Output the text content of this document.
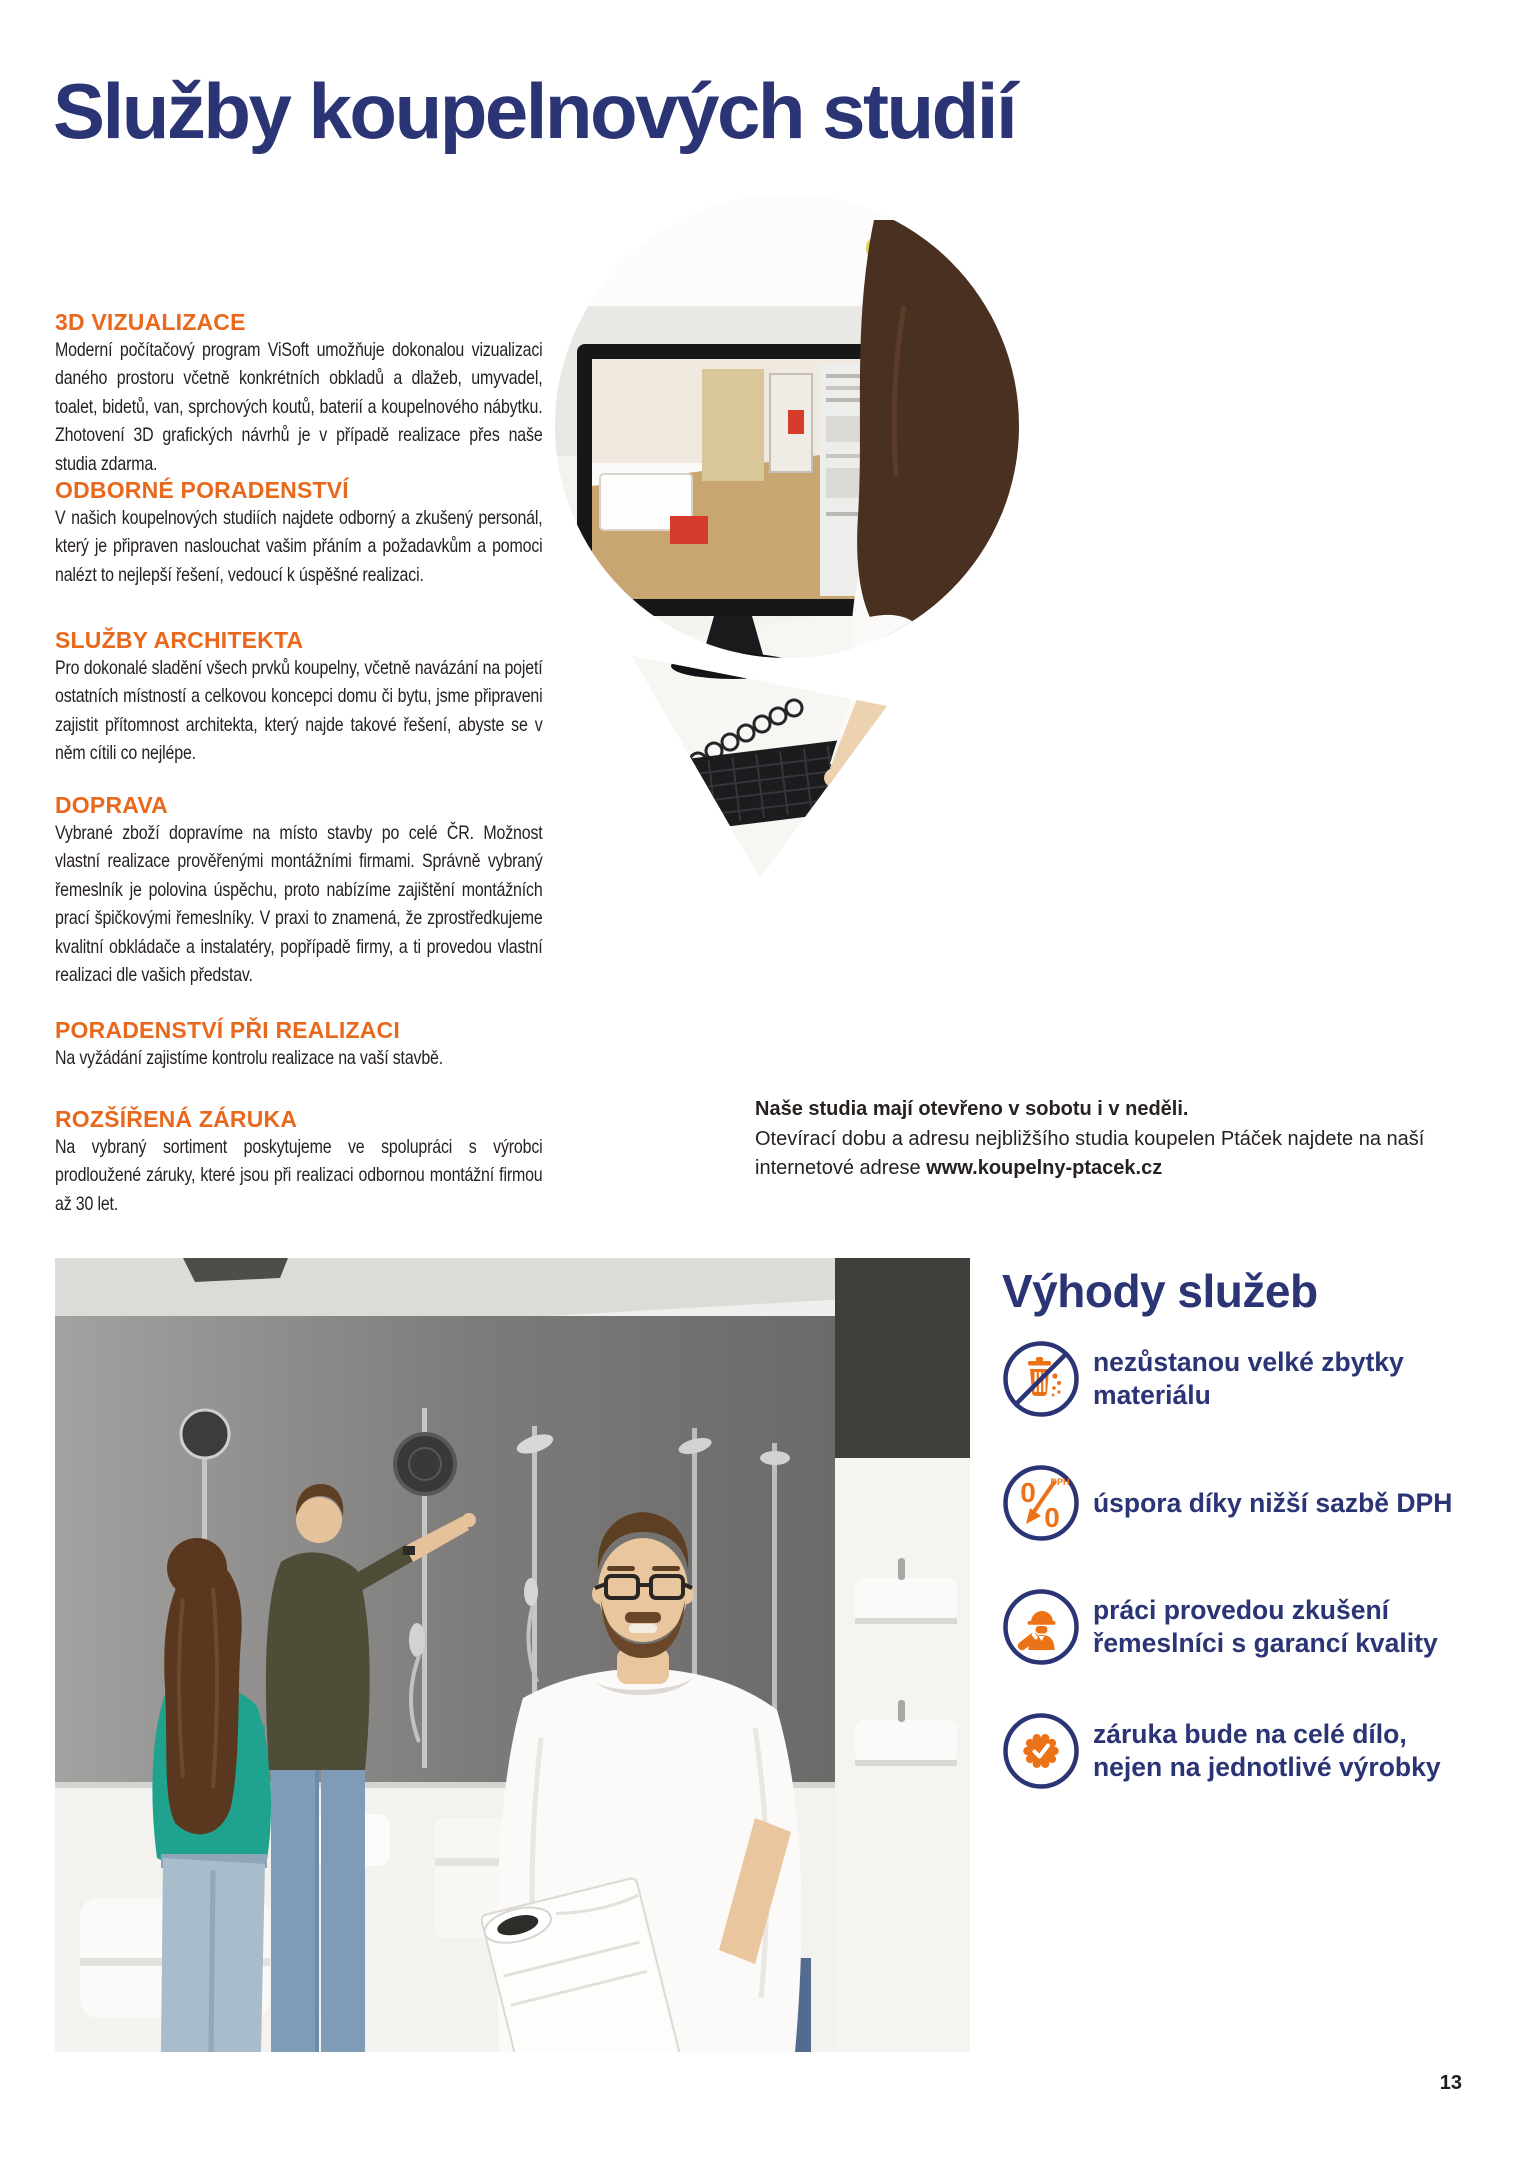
Služby koupelnových studií
3D VIZUALIZACE

Moderní počítačový program ViSoft umožňuje dokonalou vizualizaci daného prostoru včetně konkrétních obkladů a dlažeb, umyvadel, toalet, bidetů, van, sprchových koutů, baterií a koupelnového nábytku. Zhotovení 3D grafických návrhů je v případě realizace přes naše studia zdarma.

ODBORNÉ PORADENSTVÍ

V našich koupelnových studiích najdete odborný a zkušený personál, který je připraven naslouchat vašim přáním a požadavkům a pomoci nalézt to nejlepší řešení, vedoucí k úspěšné realizaci.

SLUŽBY ARCHITEKTA

Pro dokonalé sladění všech prvků koupelny, včetně navázání na pojetí ostatních místností a celkovou koncepci domu či bytu, jsme připraveni zajistit přítomnost architekta, který najde takové řešení, abyste se v něm cítili co nejlépe.

DOPRAVA

Vybrané zboží dopravíme na místo stavby po celé ČR. Možnost vlastní realizace prověřenými montážními firmami. Správně vybraný řemeslník je polovina úspěchu, proto nabízíme zajištění montážních prací špičkovými řemeslníky. V praxi to znamená, že zprostředkujeme kvalitní obkládače a instalatéry, popřípadě firmy, a ti provedou vlastní realizaci dle vašich představ.

PORADENSTVÍ PŘI REALIZACI

Na vyžádání zajistíme kontrolu realizace na vaší stavbě.

ROZŠÍŘENÁ ZÁRUKA

Na vybraný sortiment poskytujeme ve spolupráci s výrobci prodloužené záruky, které jsou při realizaci odbornou montážní firmou až 30 let.

Naše studia mají otevřeno v sobotu i v neděli.
Otevírací dobu a adresu nejbližšího studia koupelen Ptáček najdete na naší internetové adrese www.koupelny-ptacek.cz
Výhody služeb
nezůstanou velké zbytky materiálu
0
0
DPH
úspora díky nižší sazbě DPH
práci provedou zkušení řemeslníci s garancí kvality
záruka bude na celé dílo, nejen na jednotlivé výrobky
13
